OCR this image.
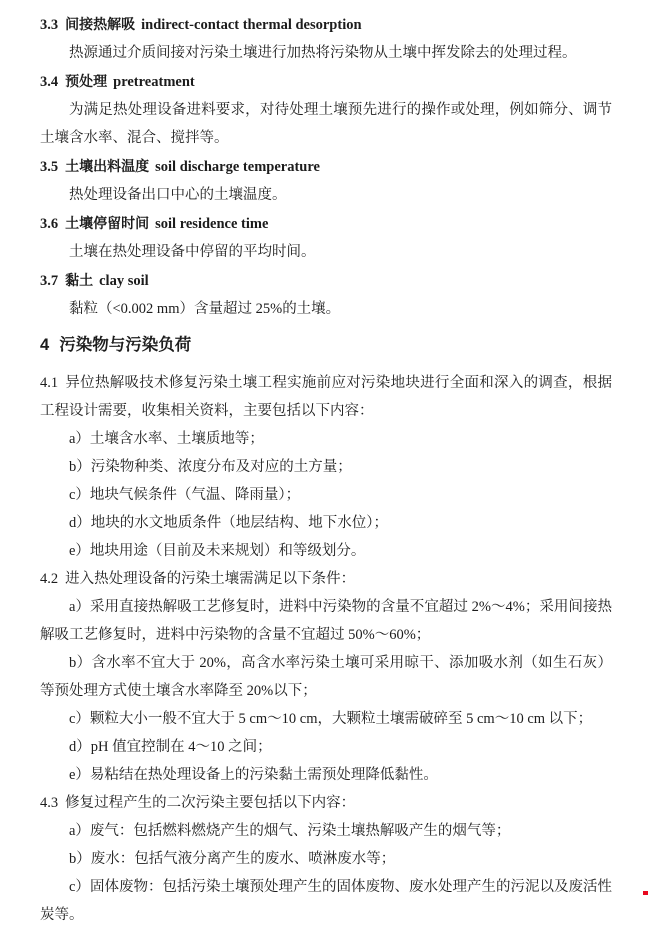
3.3 间接热解吸 indirect-contact thermal desorption

热源通过介质间接对污染土壤进行加热将污染物从土壤中挥发除去的处理过程。

3.4 预处理 pretreatment

为满足热处理设备进料要求，对待处理土壤预先进行的操作或处理，例如筛分、调节土壤含水率、混合、搅拌等。

3.5 土壤出料温度 soil discharge temperature

热处理设备出口中心的土壤温度。

3.6 土壤停留时间 soil residence time

土壤在热处理设备中停留的平均时间。

3.7 黏土 clay soil

黏粒（<0.002 mm）含量超过 25%的土壤。

4 污染物与污染负荷

4.1 异位热解吸技术修复污染土壤工程实施前应对污染地块进行全面和深入的调查，根据工程设计需要，收集相关资料，主要包括以下内容：

a）土壤含水率、土壤质地等；

b）污染物种类、浓度分布及对应的土方量；

c）地块气候条件（气温、降雨量）；

d）地块的水文地质条件（地层结构、地下水位）；

e）地块用途（目前及未来规划）和等级划分。

4.2 进入热处理设备的污染土壤需满足以下条件：

a）采用直接热解吸工艺修复时，进料中污染物的含量不宜超过 2%～4%；采用间接热解吸工艺修复时，进料中污染物的含量不宜超过 50%～60%；

b）含水率不宜大于 20%，高含水率污染土壤可采用晾干、添加吸水剂（如生石灰）等预处理方式使土壤含水率降至 20%以下；

c）颗粒大小一般不宜大于 5 cm～10 cm，大颗粒土壤需破碎至 5 cm～10 cm 以下；

d）pH 值宜控制在 4～10 之间；

e）易粘结在热处理设备上的污染黏土需预处理降低黏性。

4.3 修复过程产生的二次污染主要包括以下内容：

a）废气：包括燃料燃烧产生的烟气、污染土壤热解吸产生的烟气等；

b）废水：包括气液分离产生的废水、喷淋废水等；

c）固体废物：包括污染土壤预处理产生的固体废物、废水处理产生的污泥以及废活性炭等。
